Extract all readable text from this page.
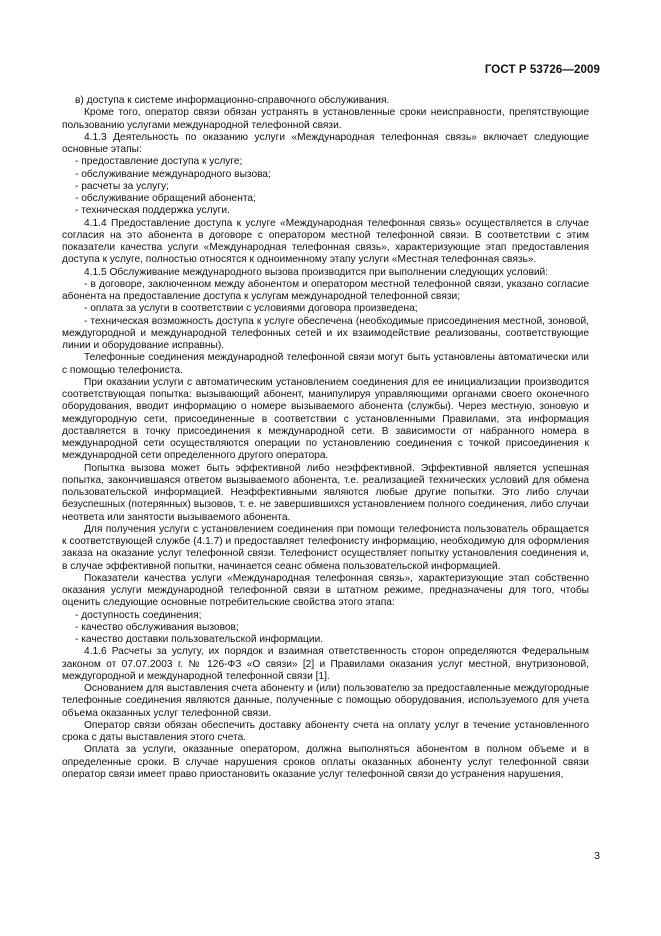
ГОСТ Р 53726—2009

в) доступа к системе информационно-справочного обслуживания.

Кроме того, оператор связи обязан устранять в установленные сроки неисправности, препятствующие пользованию услугами международной телефонной связи.

4.1.3 Деятельность по оказанию услуги «Международная телефонная связь» включает следующие основные этапы:

- предоставление доступа к услуге;

- обслуживание международного вызова;

- расчеты за услугу;

- обслуживание обращений абонента;

- техническая поддержка услуги.

4.1.4 Предоставление доступа к услуге «Международная телефонная связь» осуществляется в случае согласия на это абонента в договоре с оператором местной телефонной связи. В соответствии с этим показатели качества услуги «Международная телефонная связь», характеризующие этап предоставления доступа к услуге, полностью относятся к одноименному этапу услуги «Местная телефонная связь».

4.1.5 Обслуживание международного вызова производится при выполнении следующих условий:

- в договоре, заключенном между абонентом и оператором местной телефонной связи, указано согласие абонента на предоставление доступа к услугам международной телефонной связи;

- оплата за услуги в соответствии с условиями договора произведена;

- техническая возможность доступа к услуге обеспечена (необходимые присоединения местной, зоновой, междугородной и международной телефонных сетей и их взаимодействие реализованы, соответствующие линии и оборудование исправны).

Телефонные соединения международной телефонной связи могут быть установлены автоматически или с помощью телефониста.

При оказании услуги с автоматическим установлением соединения для ее инициализации производится соответствующая попытка: вызывающий абонент, манипулируя управляющими органами своего оконечного оборудования, вводит информацию о номере вызываемого абонента (службы). Через местную, зоновую и междугородную сети, присоединенные в соответствии с установленными Правилами, эта информация доставляется в точку присоединения к международной сети. В зависимости от набранного номера в международной сети осуществляются операции по установлению соединения с точкой присоединения к международной сети определенного другого оператора.

Попытка вызова может быть эффективной либо неэффективной. Эффективной является успешная попытка, закончившаяся ответом вызываемого абонента, т.е. реализацией технических условий для обмена пользовательской информацией. Неэффективными являются любые другие попытки. Это либо случаи безуспешных (потерянных) вызовов, т. е. не завершившихся установлением полного соединения, либо случаи неответа или занятости вызываемого абонента.

Для получения услуги с установлением соединения при помощи телефониста пользователь обращается к соответствующей службе (4.1.7) и предоставляет телефонисту информацию, необходимую для оформления заказа на оказание услуг телефонной связи. Телефонист осуществляет попытку установления соединения и, в случае эффективной попытки, начинается сеанс обмена пользовательской информацией.

Показатели качества услуги «Международная телефонная связь», характеризующие этап собственно оказания услуги международной телефонной связи в штатном режиме, предназначены для того, чтобы оценить следующие основные потребительские свойства этого этапа:

- доступность соединения;

- качество обслуживания вызовов;

- качество доставки пользовательской информации.

4.1.6 Расчеты за услугу, их порядок и взаимная ответственность сторон определяются Федеральным законом от 07.07.2003 г. № 126-ФЗ «О связи» [2] и Правилами оказания услуг местной, внутризоновой, междугородной и международной телефонной связи [1].

Основанием для выставления счета абоненту и (или) пользователю за предоставленные междугородные телефонные соединения являются данные, полученные с помощью оборудования, используемого для учета объема оказанных услуг телефонной связи.

Оператор связи обязан обеспечить доставку абоненту счета на оплату услуг в течение установленного срока с даты выставления этого счета.

Оплата за услуги, оказанные оператором, должна выполняться абонентом в полном объеме и в определенные сроки. В случае нарушения сроков оплаты оказанных абоненту услуг телефонной связи оператор связи имеет право приостановить оказание услуг телефонной связи до устранения нарушения,

3
